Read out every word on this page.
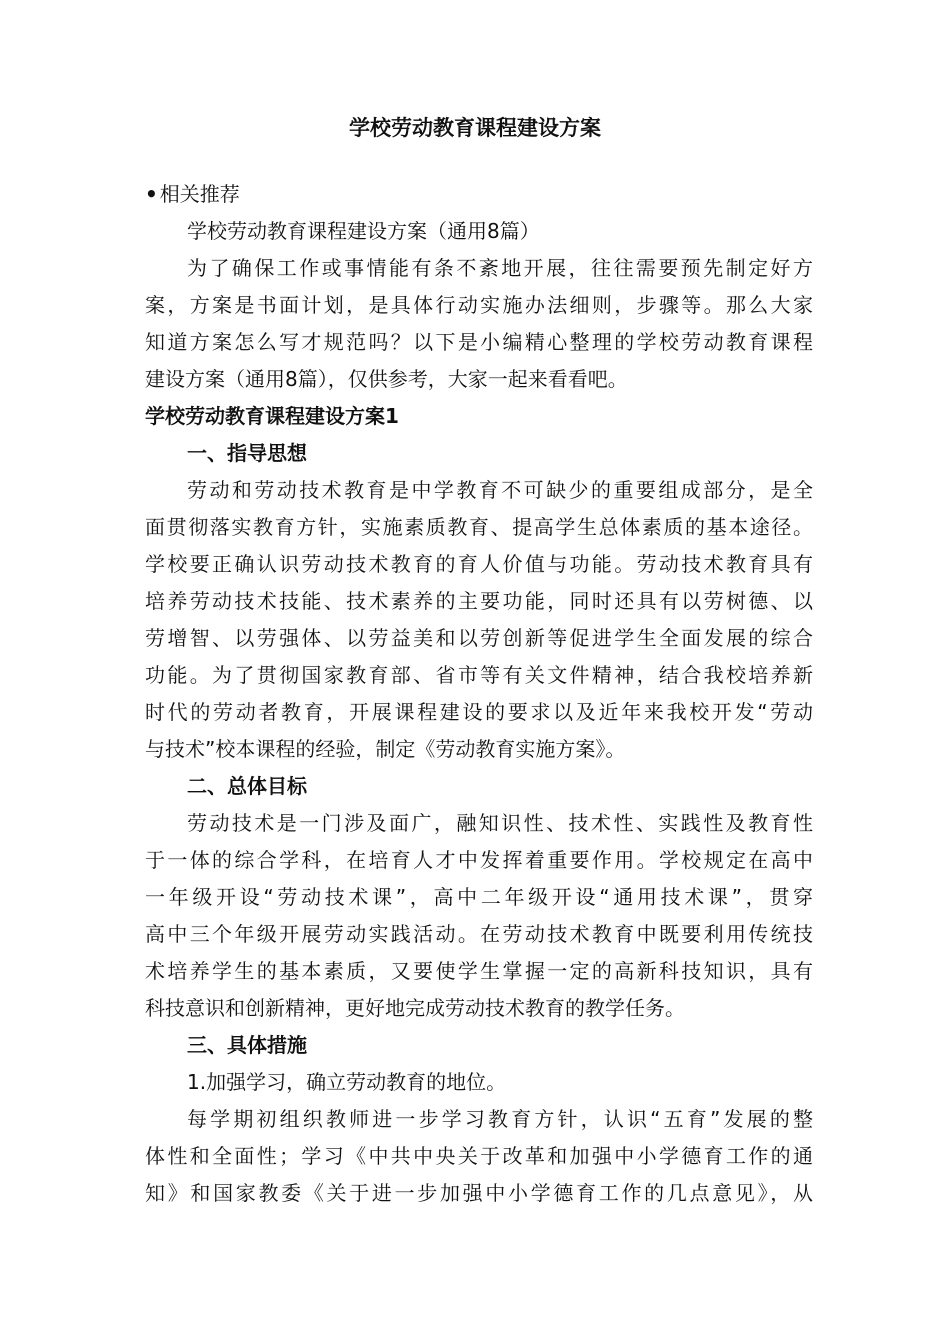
学校劳动教育课程建设方案
• 相关推荐
学校劳动教育课程建设方案（通用8篇）
为了确保工作或事情能有条不紊地开展，往往需要预先制定好方
案，方案是书面计划，是具体行动实施办法细则，步骤等。那么大家
知道方案怎么写才规范吗？以下是小编精心整理的学校劳动教育课程
建设方案（通用8篇），仅供参考，大家一起来看看吧。
学校劳动教育课程建设方案1
一、指导思想
劳动和劳动技术教育是中学教育不可缺少的重要组成部分，是全
面贯彻落实教育方针，实施素质教育、提高学生总体素质的基本途径。
学校要正确认识劳动技术教育的育人价值与功能。劳动技术教育具有
培养劳动技术技能、技术素养的主要功能，同时还具有以劳树德、以
劳增智、以劳强体、以劳益美和以劳创新等促进学生全面发展的综合
功能。为了贯彻国家教育部、省市等有关文件精神，结合我校培养新
时代的劳动者教育，开展课程建设的要求以及近年来我校开发“劳动
与技术”校本课程的经验，制定《劳动教育实施方案》。
二、总体目标
劳动技术是一门涉及面广，融知识性、技术性、实践性及教育性
于一体的综合学科，在培育人才中发挥着重要作用。学校规定在高中
一年级开设“劳动技术课”，高中二年级开设“通用技术课”，贯穿
高中三个年级开展劳动实践活动。在劳动技术教育中既要利用传统技
术培养学生的基本素质，又要使学生掌握一定的高新科技知识，具有
科技意识和创新精神，更好地完成劳动技术教育的教学任务。
三、具体措施
1.加强学习，确立劳动教育的地位。
每学期初组织教师进一步学习教育方针，认识“五育”发展的整
体性和全面性；学习《中共中央关于改革和加强中小学德育工作的通
知》和国家教委《关于进一步加强中小学德育工作的几点意见》，从
